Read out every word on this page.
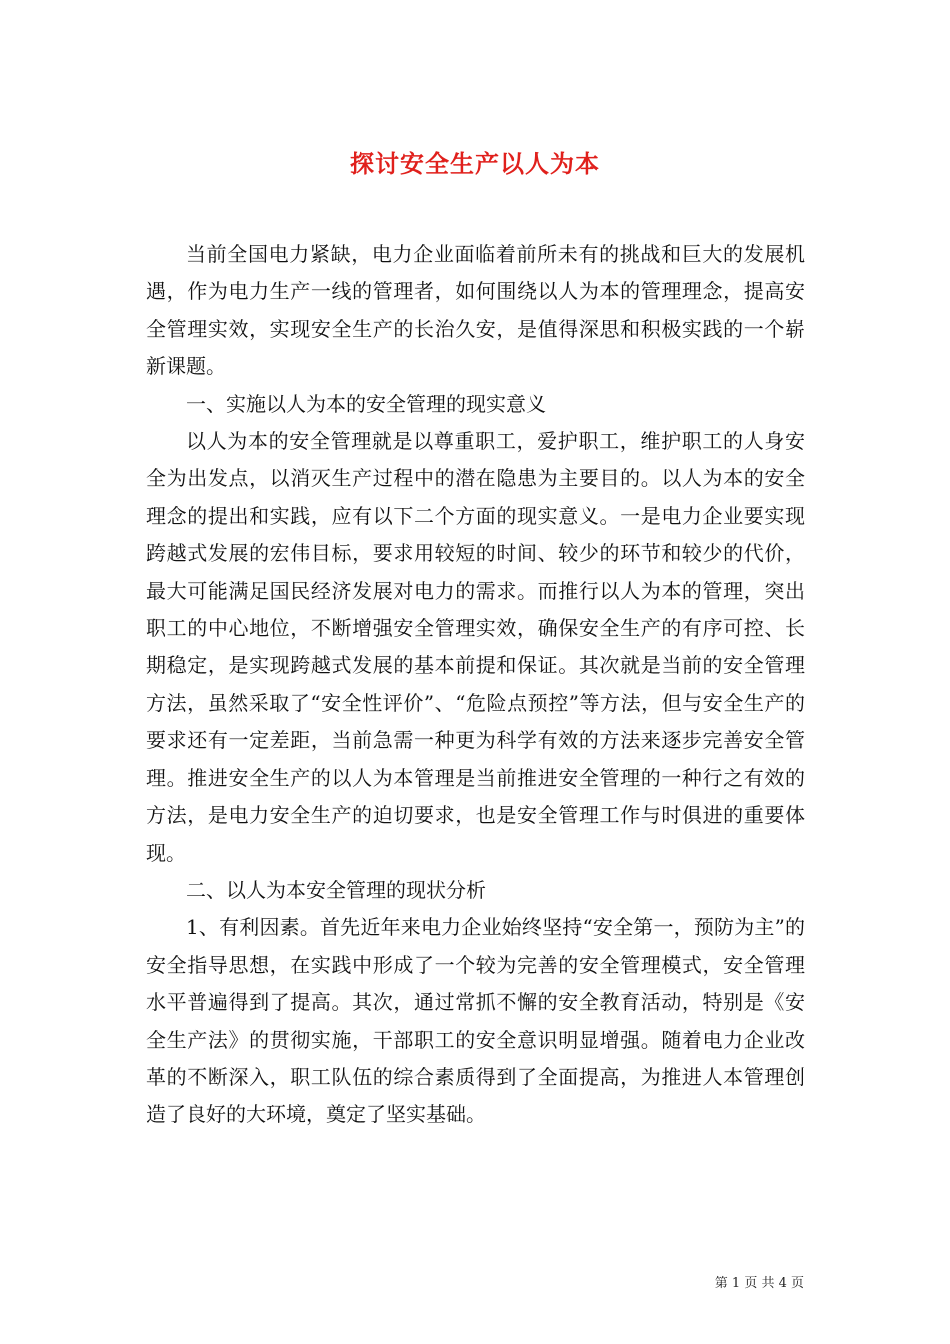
探讨安全生产以人为本

当前全国电力紧缺，电力企业面临着前所未有的挑战和巨大的发展机遇，作为电力生产一线的管理者，如何围绕以人为本的管理理念，提高安全管理实效，实现安全生产的长治久安，是值得深思和积极实践的一个崭新课题。

一、实施以人为本的安全管理的现实意义

以人为本的安全管理就是以尊重职工，爱护职工，维护职工的人身安全为出发点，以消灭生产过程中的潜在隐患为主要目的。以人为本的安全理念的提出和实践，应有以下二个方面的现实意义。一是电力企业要实现跨越式发展的宏伟目标，要求用较短的时间、较少的环节和较少的代价，最大可能满足国民经济发展对电力的需求。而推行以人为本的管理，突出职工的中心地位，不断增强安全管理实效，确保安全生产的有序可控、长期稳定，是实现跨越式发展的基本前提和保证。其次就是当前的安全管理方法，虽然采取了“安全性评价”、“危险点预控”等方法，但与安全生产的要求还有一定差距，当前急需一种更为科学有效的方法来逐步完善安全管理。推进安全生产的以人为本管理是当前推进安全管理的一种行之有效的方法，是电力安全生产的迫切要求，也是安全管理工作与时俱进的重要体现。

二、以人为本安全管理的现状分析

1、有利因素。首先近年来电力企业始终坚持“安全第一，预防为主”的安全指导思想，在实践中形成了一个较为完善的安全管理模式，安全管理水平普遍得到了提高。其次，通过常抓不懈的安全教育活动，特别是《安全生产法》的贯彻实施，干部职工的安全意识明显增强。随着电力企业改革的不断深入，职工队伍的综合素质得到了全面提高，为推进人本管理创造了良好的大环境，奠定了坚实基础。

第 1 页 共 4 页
